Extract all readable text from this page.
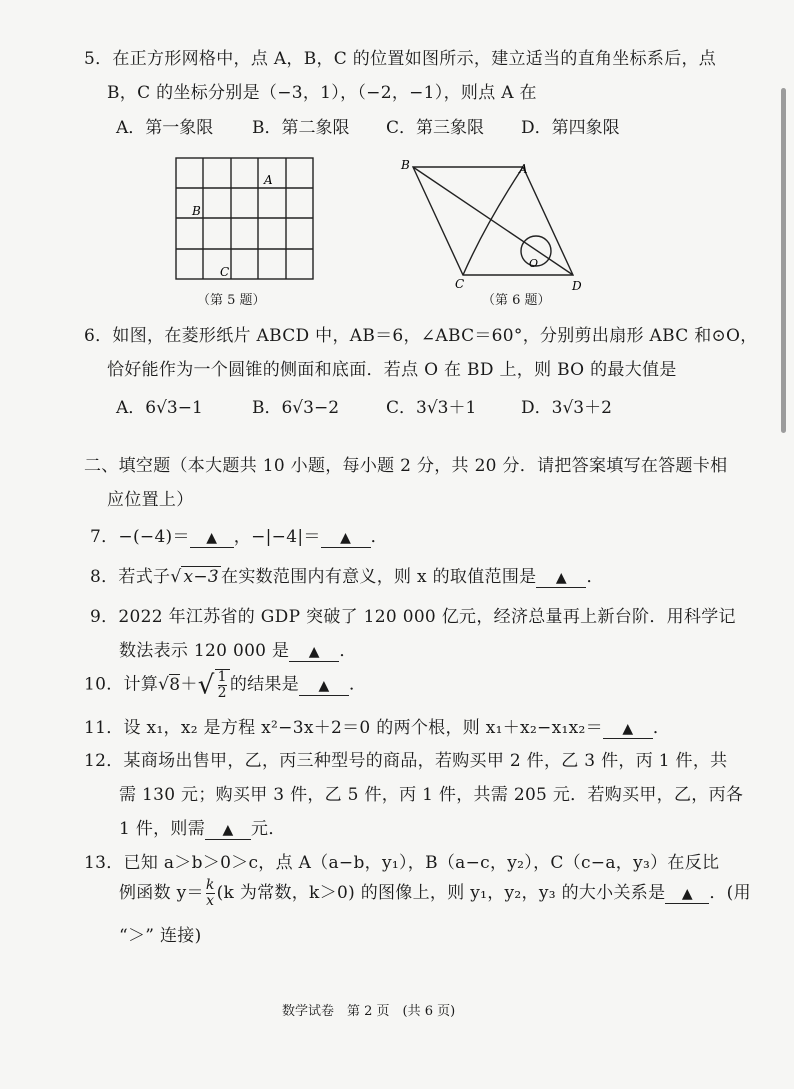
5．在正方形网格中，点 A，B，C 的位置如图所示，建立适当的直角坐标系后，点
B，C 的坐标分别是（−3，1），（−2，−1），则点 A 在
A．第一象限 B．第二象限 C．第三象限 D．第四象限
A
B
C
（第 5 题）
B	A
C	D
O
（第 6 题）
6．如图，在菱形纸片 ABCD 中，AB＝6，∠ABC＝60°，分别剪出扇形 ABC 和⊙O，
恰好能作为一个圆锥的侧面和底面．若点 O 在 BD 上，则 BO 的最大值是
A．6√3−1	B．6√3−2	C．3√3＋1	D．3√3＋2
二、填空题（本大题共 10 小题，每小题 2 分，共 20 分．请把答案填写在答题卡相
应位置上）
7．−(−4)＝ ▲ ，−|−4|＝ ▲ ．
8．若式子√ x−3 在实数范围内有意义，则 x 的取值范围是 ▲ ．
9．2022 年江苏省的 GDP 突破了 120 000 亿元，经济总量再上新台阶．用科学记
数法表示 120 000 是 ▲ ．
10．计算$√8+√ \frac{1}{2}$ 的结果是 ▲ ．
11．设 x₁，x₂ 是方程 x²−3x＋2＝0 的两个根，则 x₁＋x₂−x₁x₂＝ ▲ ．
12．某商场出售甲，乙，丙三种型号的商品，若购买甲 2 件，乙 3 件，丙 1 件，共
需 130 元；购买甲 3 件，乙 5 件，丙 1 件，共需 205 元．若购买甲，乙，丙各
1 件，则需 ▲ 元．
13．已知 a＞b＞0＞c，点 A（a−b，y₁），B（a−c，y₂），C（c−a，y₃）在反比
例函数 $y= \frac{k}{x} (k$ 为常数，k＞0) 的图像上，则 y₁，y₂，y₃ 的大小关系是 ▲ ．(用
“＞” 连接)
数学试卷　第 2 页　(共 6 页)
